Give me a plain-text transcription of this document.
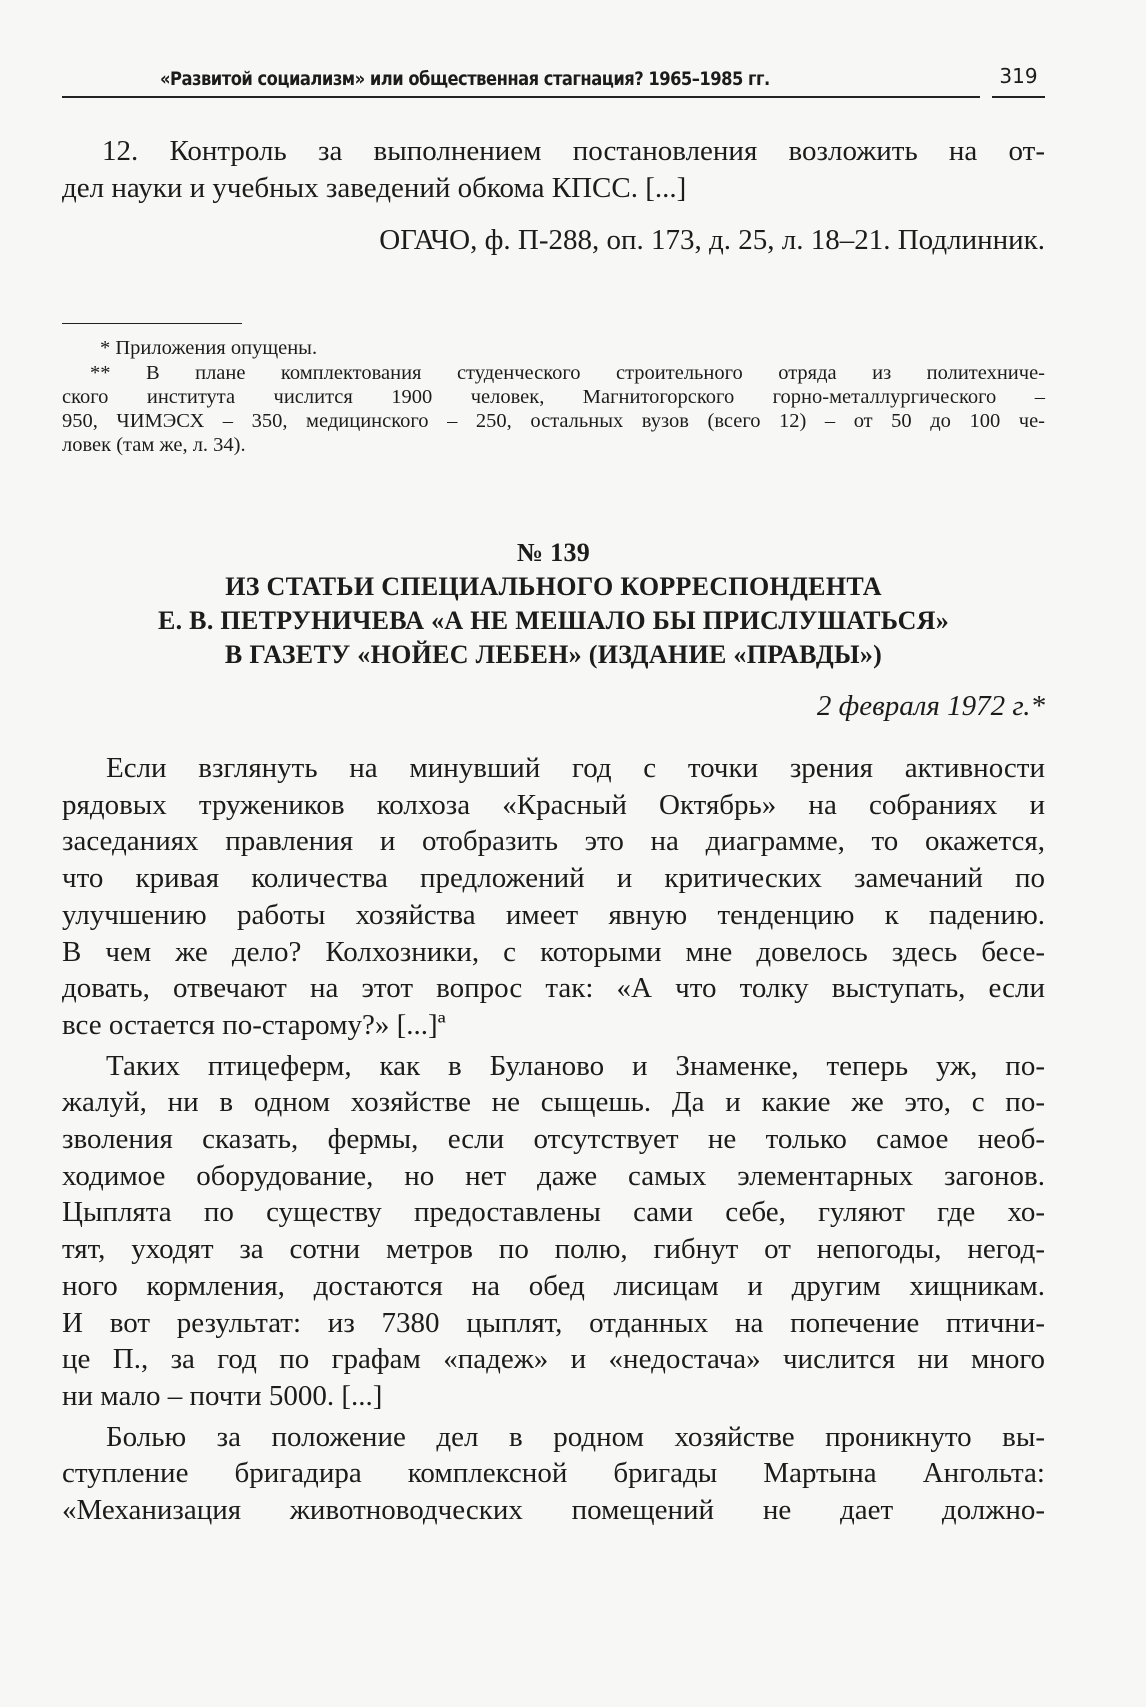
«Развитой социализм» или общественная стагнация? 1965–1985 гг.	319
12. Контроль за выполнением постановления возложить на от-
дел науки и учебных заведений обкома КПСС. [...]
ОГАЧО, ф. П-288, оп. 173, д. 25, л. 18–21. Подлинник.
* Приложения опущены.
** В плане комплектования студенческого строительного отряда из политехниче-
ского института числится 1900 человек, Магнитогорского горно-металлургического –
950, ЧИМЭСХ – 350, медицинского – 250, остальных вузов (всего 12) – от 50 до 100 че-
ловек (там же, л. 34).
№ 139
ИЗ СТАТЬИ СПЕЦИАЛЬНОГО КОРРЕСПОНДЕНТА
Е. В. ПЕТРУНИЧЕВА «А НЕ МЕШАЛО БЫ ПРИСЛУШАТЬСЯ»
В ГАЗЕТУ «НОЙЕС ЛЕБЕН» (ИЗДАНИЕ «ПРАВДЫ»)
2 февраля 1972 г.*
Если взглянуть на минувший год с точки зрения активности
рядовых тружеников колхоза «Красный Октябрь» на собраниях и
заседаниях правления и отобразить это на диаграмме, то окажется,
что кривая количества предложений и критических замечаний по
улучшению работы хозяйства имеет явную тенденцию к падению.
В чем же дело? Колхозники, с которыми мне довелось здесь бесе-
довать, отвечают на этот вопрос так: «А что толку выступать, если
все остается по-старому?» [...]ª
Таких птицеферм, как в Буланово и Знаменке, теперь уж, по-
жалуй, ни в одном хозяйстве не сыщешь. Да и какие же это, с по-
зволения сказать, фермы, если отсутствует не только самое необ-
ходимое оборудование, но нет даже самых элементарных загонов.
Цыплята по существу предоставлены сами себе, гуляют где хо-
тят, уходят за сотни метров по полю, гибнут от непогоды, негод-
ного кормления, достаются на обед лисицам и другим хищникам.
И вот результат: из 7380 цыплят, отданных на попечение птични-
це П., за год по графам «падеж» и «недостача» числится ни много
ни мало – почти 5000. [...]
Болью за положение дел в родном хозяйстве проникнуто вы-
ступление бригадира комплексной бригады Мартына Ангольта:
«Механизация животноводческих помещений не дает должно-
